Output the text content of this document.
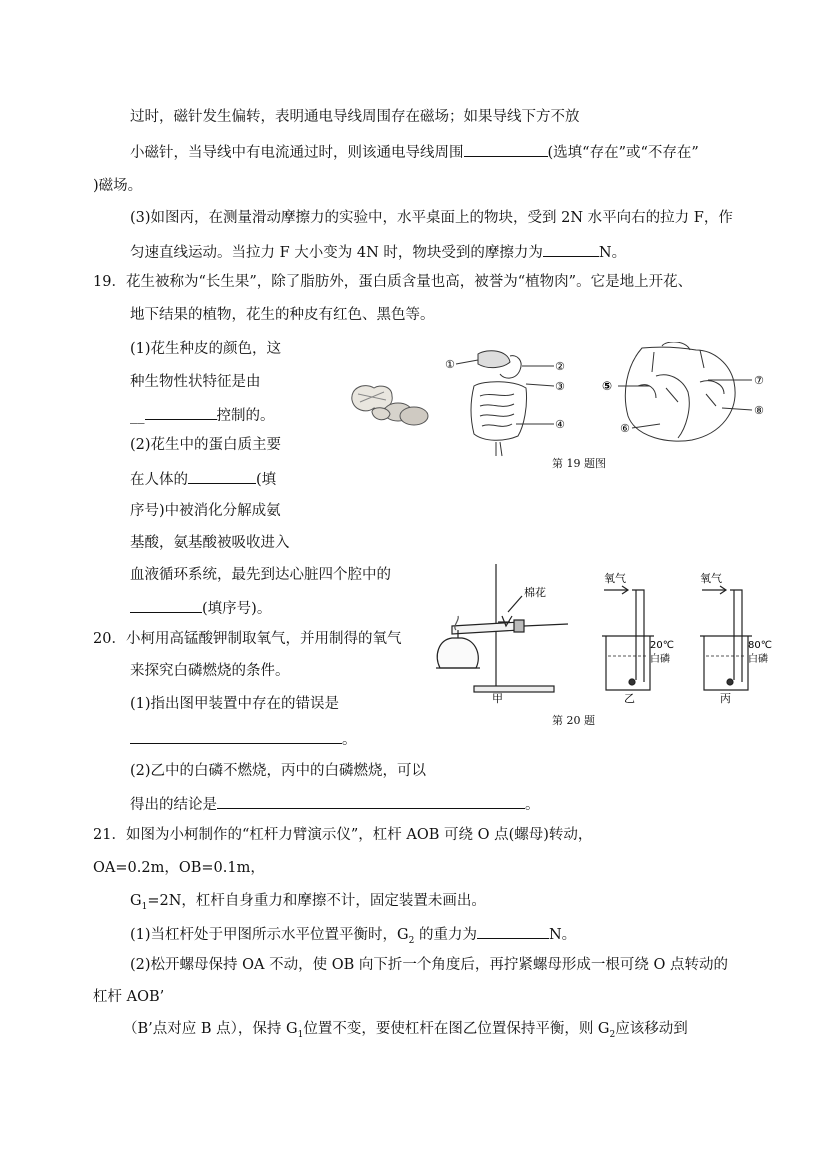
过时，磁针发生偏转，表明通电导线周围存在磁场；如果导线下方不放
小磁针，当导线中有电流通过时，则该通电导线周围	(选填“存在”或“不存在”
)磁场。
(3)如图丙，在测量滑动摩擦力的实验中，水平桌面上的物块，受到 2N 水平向右的拉力 F，作
匀速直线运动。当拉力 F 大小变为 4N 时，物块受到的摩擦力为	N。
19．花生被称为“长生果”，除了脂肪外，蛋白质含量也高，被誉为“植物肉”。它是地上开花、
地下结果的植物，花生的种皮有红色、黑色等。
(1)花生种皮的颜色，这
种生物性状特征是由
__	控制的。
(2)花生中的蛋白质主要
在人体的	(填
序号)中被消化分解成氨
基酸，氨基酸被吸收进入
血液循环系统，最先到达心脏四个腔中的
(填序号)。
20．小柯用高锰酸钾制取氧气，并用制得的氧气
来探究白磷燃烧的条件。
(1)指出图甲装置中存在的错误是
。
(2)乙中的白磷不燃烧，丙中的白磷燃烧，可以
得出的结论是	。
21．如图为小柯制作的“杠杆力臂演示仪”，杠杆 AOB 可绕 O 点(螺母)转动，
OA=0.2m，OB=0.1m，
$G_1=2N$，杠杆自身重力和摩擦不计，固定装置未画出。
(1)当杠杆处于甲图所示水平位置平衡时，$G_2$ 的重力为	N。
(2)松开螺母保持 OA 不动，使 OB 向下折一个角度后，再拧紧螺母形成一根可绕 O 点转动的
杠杆 AOB’
（B’点对应 B 点），保持 $G_1$位置不变，要使杠杆在图乙位置保持平衡，则 $G_2$应该移动到
①	②
③
④
⑤
⑥
⑦
⑧
第 19 题图
棉花
氧气	氧气
20℃
白磷
80℃
白磷
甲	乙	丙
第 20 题
